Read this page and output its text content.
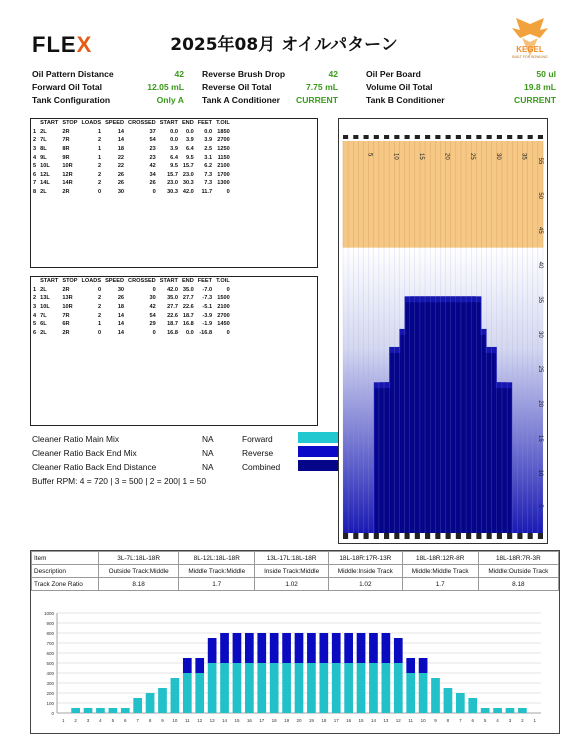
FLEX	2025年08月 オイルパターン	KEGEL
BUILT FOR BOWLING
Oil Pattern Distance	42
Forward Oil Total	12.05 mL
Tank Configuration	Only A
Reverse Brush Drop	42
Reverse Oil Total	7.75 mL
Tank A Conditioner	CURRENT
Oil Per Board	50 ul
Volume Oil Total	19.8 mL
Tank B Conditioner	CURRENT
	START	STOP	LOADS	SPEED	CROSSED	START	END	FEET	T.OIL
1	2L	2R	1	14	37	0.0	0.0	0.0	1850
2	7L	7R	2	14	54	0.0	3.9	3.9	2700
3	8L	8R	1	18	23	3.9	6.4	2.5	1250
4	9L	9R	1	22	23	6.4	9.5	3.1	1150
5	10L	10R	2	22	42	9.5	15.7	6.2	2100
6	12L	12R	2	26	34	15.7	23.0	7.3	1700
7	14L	14R	2	26	26	23.0	30.3	7.3	1300
8	2L	2R	0	30	0	30.3	42.0	11.7	0
	START	STOP	LOADS	SPEED	CROSSED	START	END	FEET	T.OIL
1	2L	2R	0	30	0	42.0	35.0	-7.0	0
2	13L	13R	2	26	30	35.0	27.7	-7.3	1500
3	10L	10R	2	18	42	27.7	22.6	-5.1	2100
4	7L	7R	2	14	54	22.6	18.7	-3.9	2700
5	6L	6R	1	14	29	18.7	16.8	-1.9	1450
6	2L	2R	0	14	0	16.8	0.0	-16.8	0
Cleaner Ratio Main Mix	NA
Cleaner Ratio Back End Mix	NA
Cleaner Ratio Back End Distance	NA
Buffer RPM: 4 = 720 | 3 = 500 | 2 = 200| 1 = 50
Forward
Reverse
Combined
5	10	15	20	25	30	35
55
50
45
40
35
30
25
20
15
10
5
Item	3L-7L:18L-18R	8L-12L:18L-18R	13L-17L:18L-18R	18L-18R:17R-13R	18L-18R:12R-8R	18L-18R:7R-3R
Description	Outside Track:Middle	Middle Track:Middle	Inside Track:Middle	Middle:Inside Track	Middle:Middle Track	Middle:Outside Track
Track Zone Ratio	8.18	1.7	1.02	1.02	1.7	8.18
1000
900
800
700
600
500
400
300
200
100
0
1 2 3 4 5 6 7 8 9 10 11 12 13 14 15 16 17 18 19 20 19 18 17 16 15 14 13 12 11 10 9 8 7 6 5 4 3 2 1
